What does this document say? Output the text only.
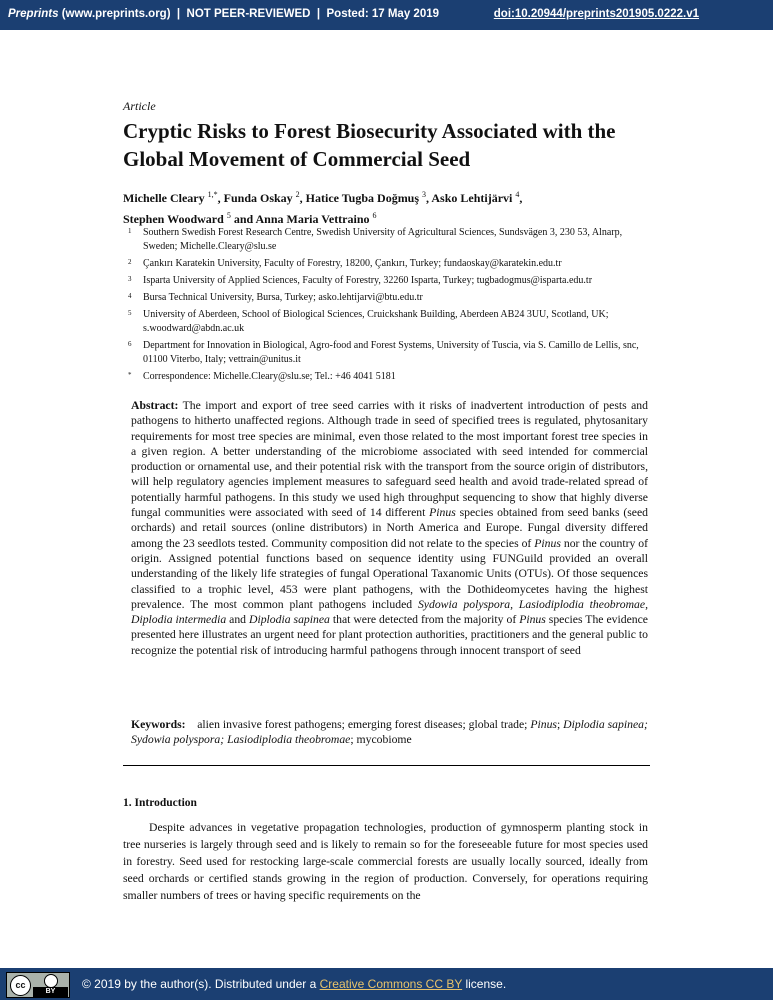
Preprints (www.preprints.org) | NOT PEER-REVIEWED | Posted: 17 May 2019	doi:10.20944/preprints201905.0222.v1
Article
Cryptic Risks to Forest Biosecurity Associated with the Global Movement of Commercial Seed
Michelle Cleary $^{1,*}$, Funda Oskay $^2$, Hatice Tugba Doğmuş $^3$, Asko Lehtijärvi $^4$,
Stephen Woodward $^5$ and Anna Maria Vettraino $^6$
1 Southern Swedish Forest Research Centre, Swedish University of Agricultural Sciences, Sundsvägen 3, 230 53, Alnarp, Sweden; Michelle.Cleary@slu.se
2 Çankırı Karatekin University, Faculty of Forestry, 18200, Çankırı, Turkey; fundaoskay@karatekin.edu.tr
3 Isparta University of Applied Sciences, Faculty of Forestry, 32260 Isparta, Turkey; tugbadogmus@isparta.edu.tr
4 Bursa Technical University, Bursa, Turkey; asko.lehtijarvi@btu.edu.tr
5 University of Aberdeen, School of Biological Sciences, Cruickshank Building, Aberdeen AB24 3UU, Scotland, UK; s.woodward@abdn.ac.uk
6 Department for Innovation in Biological, Agro-food and Forest Systems, University of Tuscia, via S. Camillo de Lellis, snc, 01100 Viterbo, Italy; vettrain@unitus.it
* Correspondence: Michelle.Cleary@slu.se; Tel.: +46 4041 5181
Abstract: The import and export of tree seed carries with it risks of inadvertent introduction of pests and pathogens to hitherto unaffected regions. Although trade in seed of specified trees is regulated, phytosanitary requirements for most tree species are minimal, even those related to the most important forest tree species in a given region. A better understanding of the microbiome associated with seed intended for commercial production or ornamental use, and their potential risk with the transport from the source origin of distributors, will help regulatory agencies implement measures to safeguard seed health and avoid trade-related spread of potentially harmful pathogens. In this study we used high throughput sequencing to show that highly diverse fungal communities were associated with seed of 14 different Pinus species obtained from seed banks (seed orchards) and retail sources (online distributors) in North America and Europe. Fungal diversity differed among the 23 seedlots tested. Community composition did not relate to the species of Pinus nor the country of origin. Assigned potential functions based on sequence identity using FUNGuild provided an overall understanding of the likely life strategies of fungal Operational Taxanomic Units (OTUs). Of those sequences classified to a trophic level, 453 were plant pathogens, with the Dothideomycetes having the highest prevalence. The most common plant pathogens included Sydowia polyspora, Lasiodiplodia theobromae, Diplodia intermedia and Diplodia sapinea that were detected from the majority of Pinus species The evidence presented here illustrates an urgent need for plant protection authorities, practitioners and the general public to recognize the potential risk of introducing harmful pathogens through innocent transport of seed
Keywords: alien invasive forest pathogens; emerging forest diseases; global trade; Pinus; Diplodia sapinea; Sydowia polyspora; Lasiodiplodia theobromae; mycobiome
1. Introduction
Despite advances in vegetative propagation technologies, production of gymnosperm planting stock in tree nurseries is largely through seed and is likely to remain so for the foreseeable future for most species used in forestry. Seed used for restocking large-scale commercial forests are usually locally sourced, ideally from seed orchards or certified stands growing in the region of production. Conversely, for operations requiring smaller numbers of trees or having specific requirements on the
cc
BY
© 2019 by the author(s). Distributed under a Creative Commons CC BY license.
